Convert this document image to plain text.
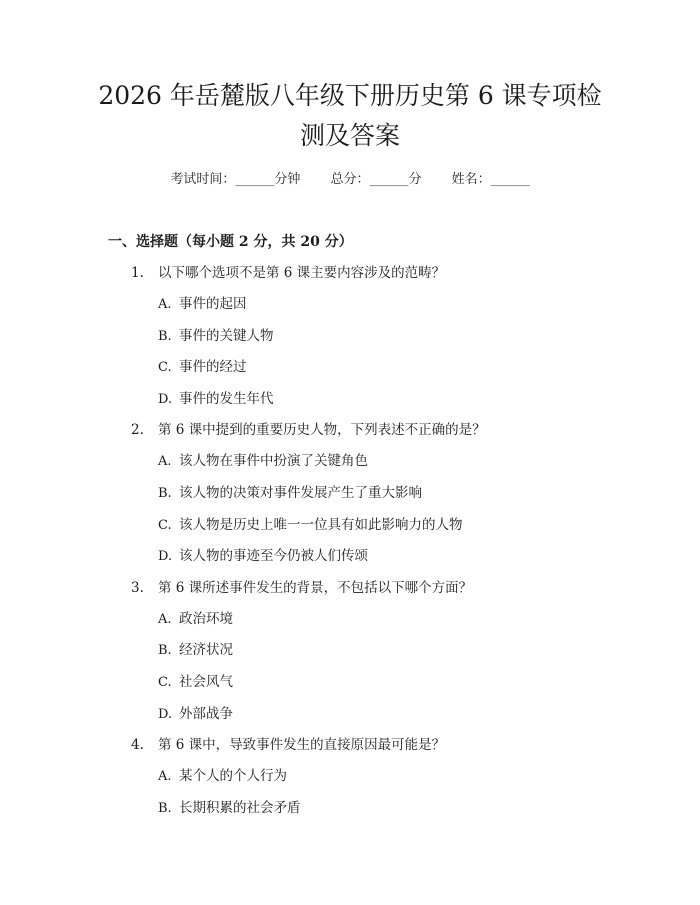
2026 年岳麓版八年级下册历史第 6 课专项检
测及答案
考试时间：______分钟 总分：______分 姓名：______
一、选择题（每小题 2 分，共 20 分）
1. 以下哪个选项不是第 6 课主要内容涉及的范畴？
A. 事件的起因
B. 事件的关键人物
C. 事件的经过
D. 事件的发生年代
2. 第 6 课中提到的重要历史人物，下列表述不正确的是？
A. 该人物在事件中扮演了关键角色
B. 该人物的决策对事件发展产生了重大影响
C. 该人物是历史上唯一一位具有如此影响力的人物
D. 该人物的事迹至今仍被人们传颂
3. 第 6 课所述事件发生的背景，不包括以下哪个方面？
A. 政治环境
B. 经济状况
C. 社会风气
D. 外部战争
4. 第 6 课中，导致事件发生的直接原因最可能是？
A. 某个人的个人行为
B. 长期积累的社会矛盾
